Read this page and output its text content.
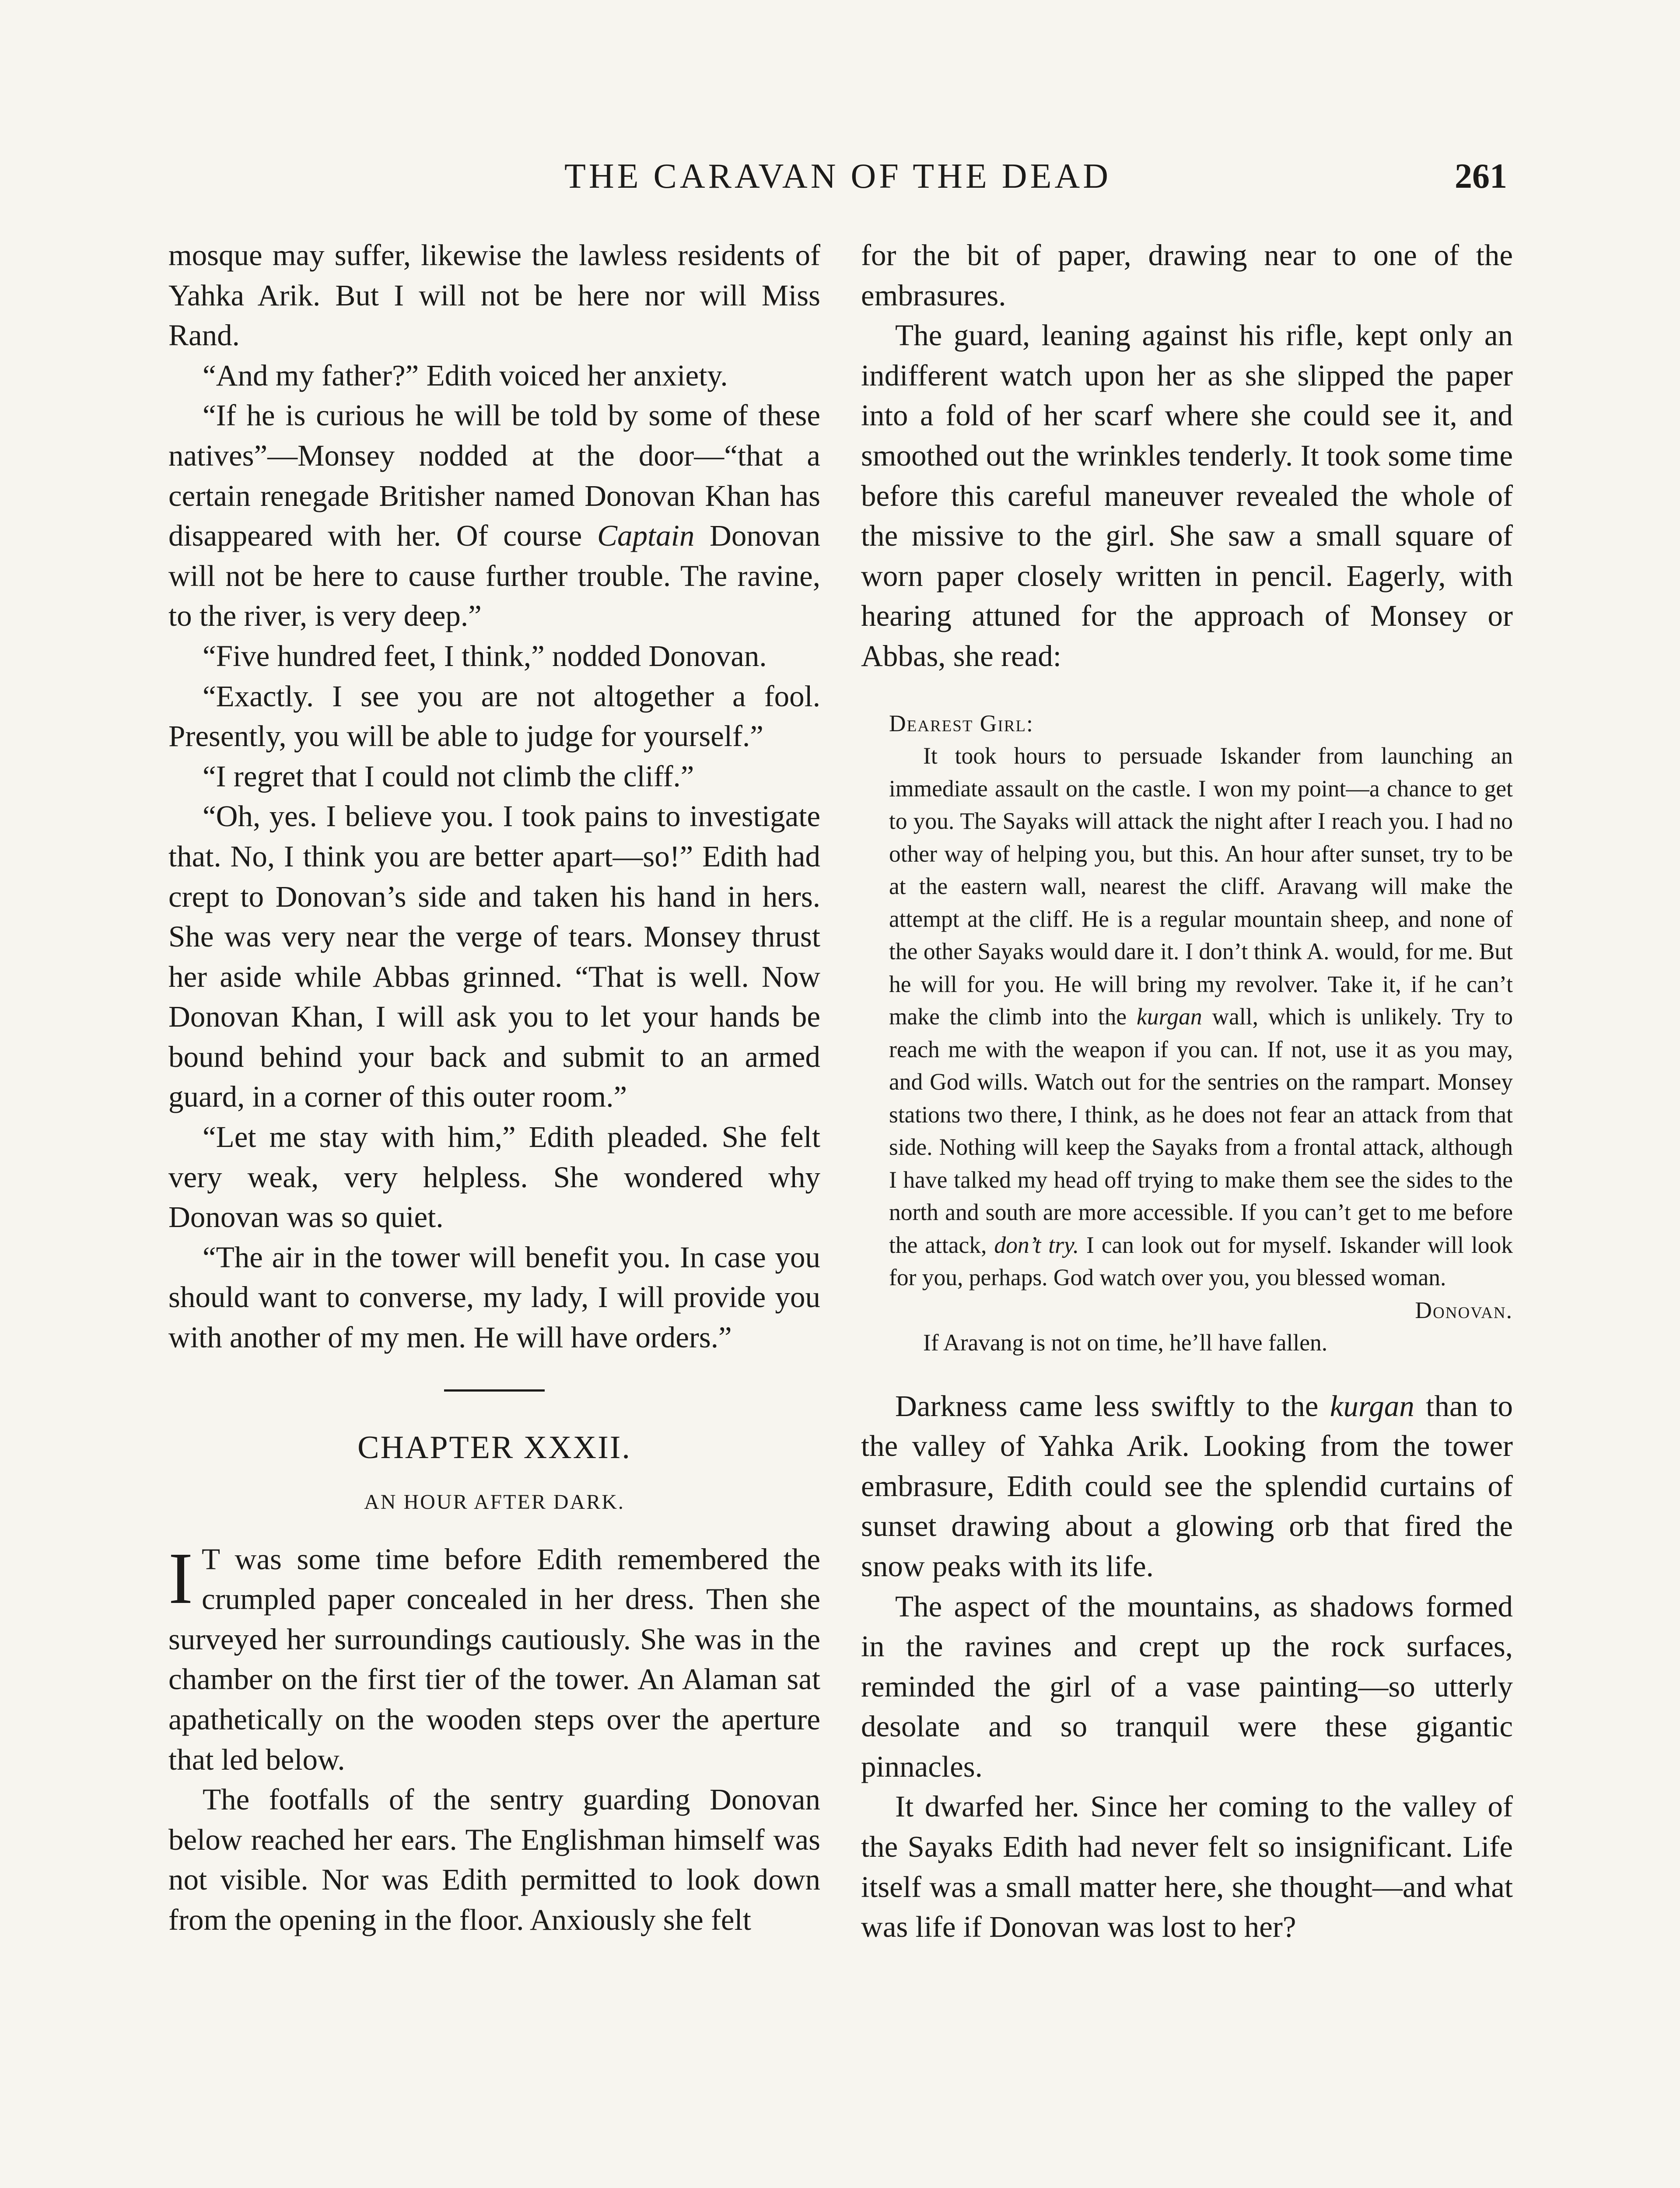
THE CARAVAN OF THE DEAD	261

mosque may suffer, likewise the lawless residents of Yahka Arik. But I will not be here nor will Miss Rand.

“And my father?” Edith voiced her anxiety.

“If he is curious he will be told by some of these natives”—Monsey nodded at the door—“that a certain renegade Britisher named Donovan Khan has disappeared with her. Of course Captain Donovan will not be here to cause further trouble. The ravine, to the river, is very deep.”

“Five hundred feet, I think,” nodded Donovan.

“Exactly. I see you are not altogether a fool. Presently, you will be able to judge for yourself.”

“I regret that I could not climb the cliff.”

“Oh, yes. I believe you. I took pains to investigate that. No, I think you are better apart—so!” Edith had crept to Donovan’s side and taken his hand in hers. She was very near the verge of tears. Monsey thrust her aside while Abbas grinned. “That is well. Now Donovan Khan, I will ask you to let your hands be bound behind your back and submit to an armed guard, in a corner of this outer room.”

“Let me stay with him,” Edith pleaded. She felt very weak, very helpless. She wondered why Donovan was so quiet.

“The air in the tower will benefit you. In case you should want to converse, my lady, I will provide you with another of my men. He will have orders.”

CHAPTER XXXII.
AN HOUR AFTER DARK.

I T was some time before Edith remembered the crumpled paper concealed in her dress. Then she surveyed her surroundings cautiously. She was in the chamber on the first tier of the tower. An Alaman sat apathetically on the wooden steps over the aperture that led below.

The footfalls of the sentry guarding Donovan below reached her ears. The Englishman himself was not visible. Nor was Edith permitted to look down from the opening in the floor. Anxiously she felt

for the bit of paper, drawing near to one of the embrasures.

The guard, leaning against his rifle, kept only an indifferent watch upon her as she slipped the paper into a fold of her scarf where she could see it, and smoothed out the wrinkles tenderly. It took some time before this careful maneuver revealed the whole of the missive to the girl. She saw a small square of worn paper closely written in pencil. Eagerly, with hearing attuned for the approach of Monsey or Abbas, she read:

Dearest Girl:

It took hours to persuade Iskander from launching an immediate assault on the castle. I won my point—a chance to get to you. The Sayaks will attack the night after I reach you. I had no other way of helping you, but this. An hour after sunset, try to be at the eastern wall, nearest the cliff. Aravang will make the attempt at the cliff. He is a regular mountain sheep, and none of the other Sayaks would dare it. I don’t think A. would, for me. But he will for you. He will bring my revolver. Take it, if he can’t make the climb into the kurgan wall, which is unlikely. Try to reach me with the weapon if you can. If not, use it as you may, and God wills. Watch out for the sentries on the rampart. Monsey stations two there, I think, as he does not fear an attack from that side. Nothing will keep the Sayaks from a frontal attack, although I have talked my head off trying to make them see the sides to the north and south are more accessible. If you can’t get to me before the attack, don’t try. I can look out for myself. Iskander will look for you, perhaps. God watch over you, you blessed woman.

Donovan.

If Aravang is not on time, he’ll have fallen.

Darkness came less swiftly to the kurgan than to the valley of Yahka Arik. Looking from the tower embrasure, Edith could see the splendid curtains of sunset drawing about a glowing orb that fired the snow peaks with its life.

The aspect of the mountains, as shadows formed in the ravines and crept up the rock surfaces, reminded the girl of a vase painting—so utterly desolate and so tranquil were these gigantic pinnacles.

It dwarfed her. Since her coming to the valley of the Sayaks Edith had never felt so insignificant. Life itself was a small matter here, she thought—and what was life if Donovan was lost to her?
